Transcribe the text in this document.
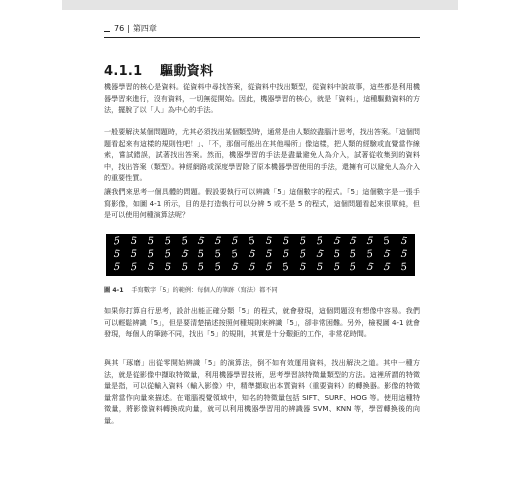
76 | 第四章
4.1.1 驅動資料

機器學習的核心是資料。從資料中尋找答案，從資料中找出類型，從資料中說故事，這些都是利用機器學習來進行，沒有資料，一切無從開始。因此，機器學習的核心，就是「資料」，這種驅動資料的方法，擺脫了以「人」為中心的手法。

一般要解決某個問題時，尤其必須找出某個類型時，通常是由人類絞盡腦汁思考，找出答案。「這個問題看起來有這樣的規則性吧！」、「不，那個可能出在其他場所」像這樣，把人類的經驗或直覺當作線索，嘗試錯誤，試著找出答案。然而，機器學習的手法是盡量避免人為介入，試著從收集到的資料中，找出答案（類型）。神經網路或深度學習除了原本機器學習使用的手法，還擁有可以避免人為介入的重要性質。

讓我們來思考一個具體的問題。假設要執行可以辨識「5」這個數字的程式。「5」這個數字是一張手寫影像，如圖 4-1 所示，目的是打造執行可以分辨 5 或不是 5 的程式，這個問題看起來很單純，但是可以使用何種演算法呢？

5	5	5 5 5 5 5 5 5 5	5	5 5 5 5 5 5 5
5	5	5 5 5 5 5 5 5 5	5	5 5 5 5 5 5 5
5	5	5	5	5 5 5 5 5 5 5 5	5	5 5 5 5 5
圖 4-1 手寫數字「5」的範例：每個人的筆跡（寫法）都不同

如果你打算自行思考，設計出能正確分類「5」的程式，就會發現，這個問題沒有想像中容易。我們可以輕鬆辨識「5」，但是要清楚描述按照何種規則來辨識「5」，卻非常困難。另外，檢視圖 4-1 就會發現，每個人的筆跡不同，找出「5」的規則，其實是十分艱鉅的工作，非常花時間。

與其「琢磨」出從零開始辨識「5」的演算法，倒不如有效運用資料，找出解決之道。其中一種方法，就是從影像中擷取特徵量，利用機器學習技術，思考學習該特徵量類型的方法。這裡所謂的特徵量是指，可以從輸入資料（輸入影像）中，精準擷取出本質資料（重要資料）的轉換器。影像的特徵量常當作向量來描述。在電腦視覺領域中，知名的特徵量包括 SIFT、SURF、HOG 等。使用這種特徵量，將影像資料轉換成向量，就可以利用機器學習用的辨識器 SVM、KNN 等，學習轉換後的向量。
